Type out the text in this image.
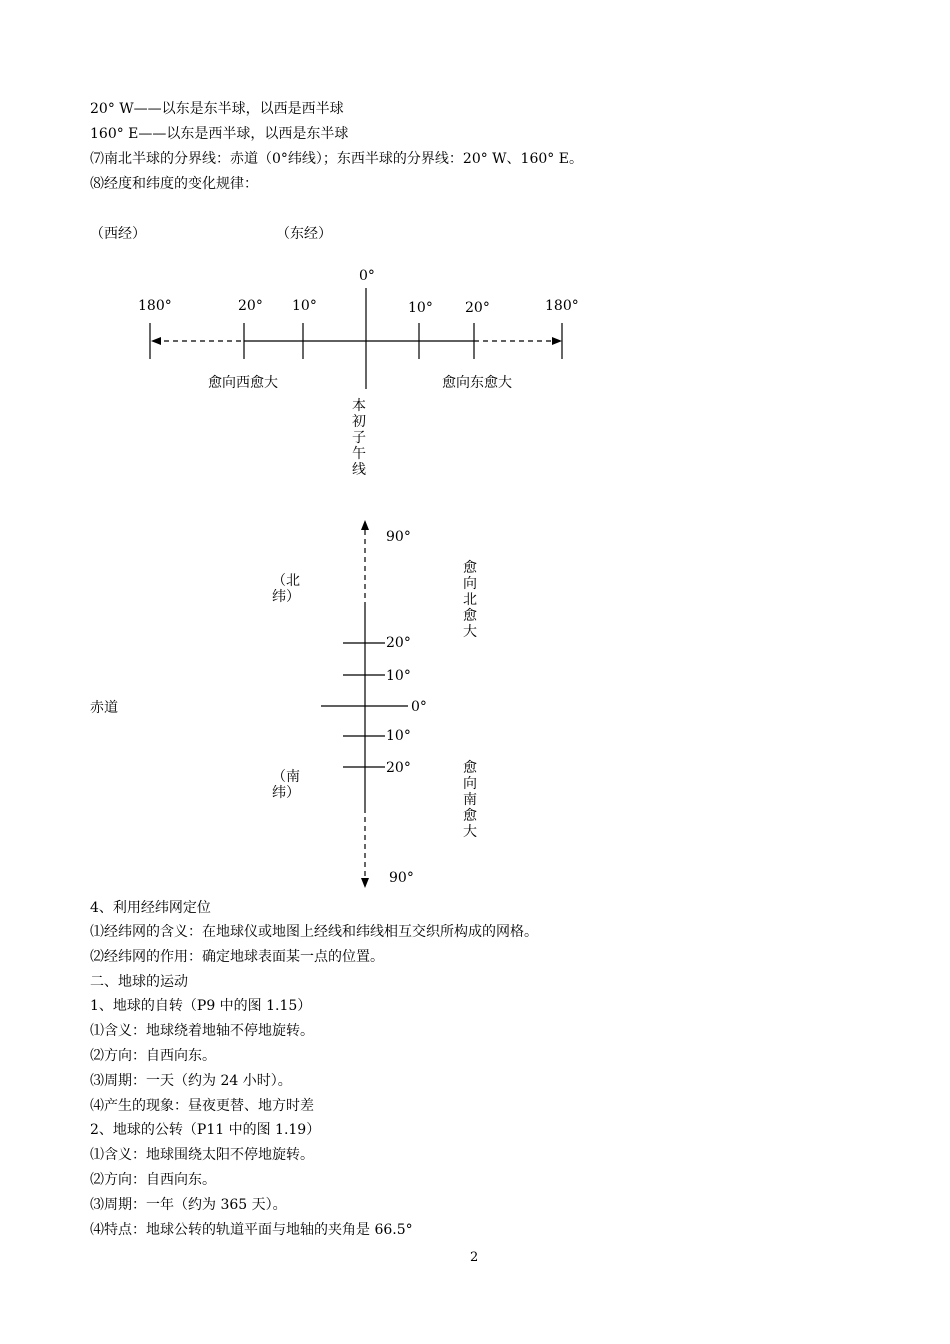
20° W——以东是东半球，以西是西半球
160° E——以东是西半球，以西是东半球
⑺南北半球的分界线：赤道（0°纬线）；东西半球的分界线：20° W、160° E。
⑻经度和纬度的变化规律：
（西经）	（东经）
0°
180°	20° 10°	10° 20°	180°
愈向西愈大	愈向东愈大
本初子午线
90°
（北纬）
愈向北愈大
20°
10°
赤道	0°
10°
20°
（南纬）
愈向南愈大
90°
4、利用经纬网定位
⑴经纬网的含义：在地球仪或地图上经线和纬线相互交织所构成的网格。
⑵经纬网的作用：确定地球表面某一点的位置。
二、地球的运动
1、地球的自转（P9 中的图 1.15）
⑴含义：地球绕着地轴不停地旋转。
⑵方向：自西向东。
⑶周期：一天（约为 24 小时）。
⑷产生的现象：昼夜更替、地方时差
2、地球的公转（P11 中的图 1.19）
⑴含义：地球围绕太阳不停地旋转。
⑵方向：自西向东。
⑶周期：一年（约为 365 天）。
⑷特点：地球公转的轨道平面与地轴的夹角是 66.5°
2
